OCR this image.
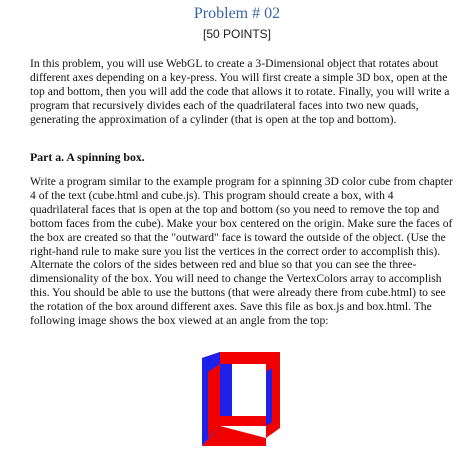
Problem # 02
[50 POINTS]

In this problem, you will use WebGL to create a 3-Dimensional object that rotates about different axes depending on a key-press. You will first create a simple 3D box, open at the top and bottom, then you will add the code that allows it to rotate. Finally, you will write a program that recursively divides each of the quadrilateral faces into two new quads, generating the approximation of a cylinder (that is open at the top and bottom).

Part a. A spinning box.

Write a program similar to the example program for a spinning 3D color cube from chapter 4 of the text (cube.html and cube.js). This program should create a box, with 4 quadrilateral faces that is open at the top and bottom (so you need to remove the top and bottom faces from the cube). Make your box centered on the origin. Make sure the faces of the box are created so that the "outward" face is toward the outside of the object. (Use the right-hand rule to make sure you list the vertices in the correct order to accomplish this). Alternate the colors of the sides between red and blue so that you can see the three-dimensionality of the box. You will need to change the VertexColors array to accomplish this. You should be able to use the buttons (that were already there from cube.html) to see the rotation of the box around different axes. Save this file as box.js and box.html. The following image shows the box viewed at an angle from the top:
